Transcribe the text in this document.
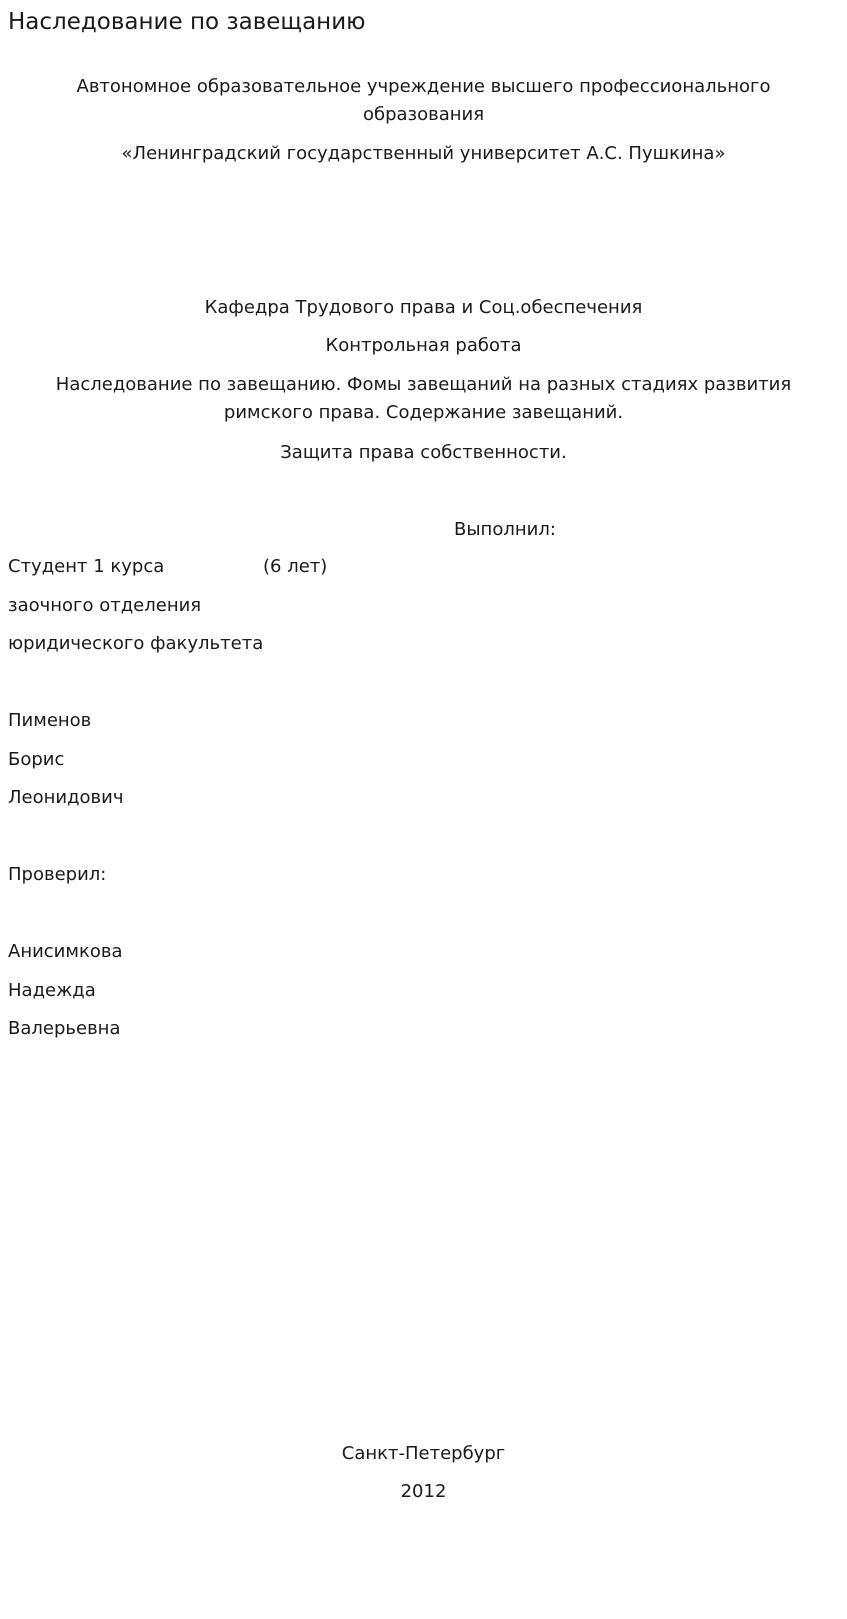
Наследование по завещанию
Автономное образовательное учреждение высшего профессионального образования
«Ленинградский государственный университет А.С. Пушкина»
Кафедра Трудового права и Соц.обеспечения
Контрольная работа
Наследование по завещанию. Фомы завещаний на разных стадиях развития римского права. Содержание завещаний.
Защита права собственности.
Выполнил:
Студент 1 курса	(6 лет)
заочного отделения
юридического факультета
Пименов
Борис
Леонидович
Проверил:
Анисимкова
Надежда
Валерьевна
Санкт-Петербург
2012
